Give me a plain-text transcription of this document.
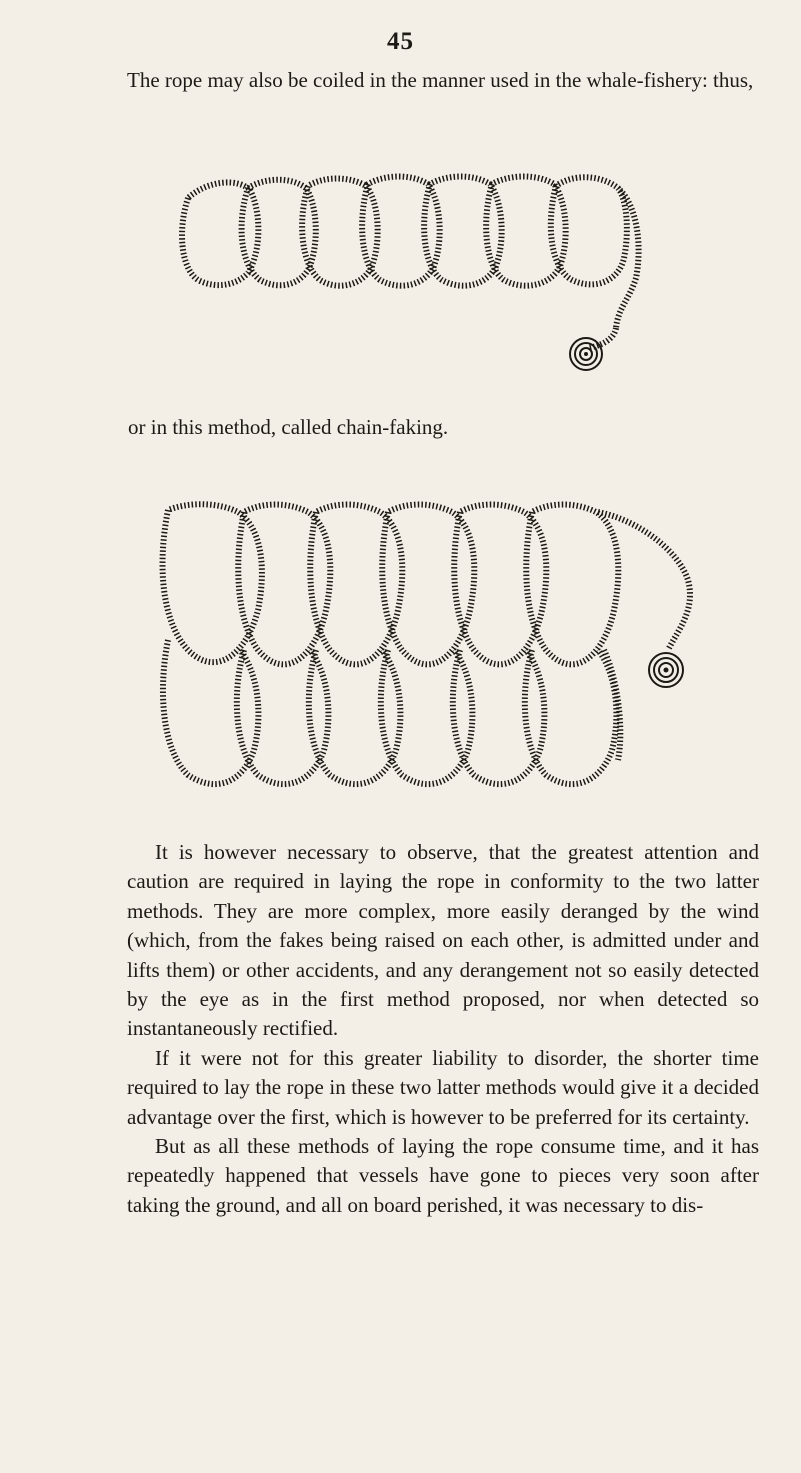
45

The rope may also be coiled in the manner used in the whale-fishery: thus,

or in this method, called chain-faking.

It is however necessary to observe, that the greatest attention and caution are required in laying the rope in conformity to the two latter methods. They are more complex, more easily deranged by the wind (which, from the fakes being raised on each other, is admitted under and lifts them) or other accidents, and any derangement not so easily detected by the eye as in the first method proposed, nor when detected so instantaneously rectified.

If it were not for this greater liability to disorder, the shorter time required to lay the rope in these two latter methods would give it a decided advantage over the first, which is however to be preferred for its certainty.

But as all these methods of laying the rope consume time, and it has repeatedly happened that vessels have gone to pieces very soon after taking the ground, and all on board perished, it was necessary to dis-
